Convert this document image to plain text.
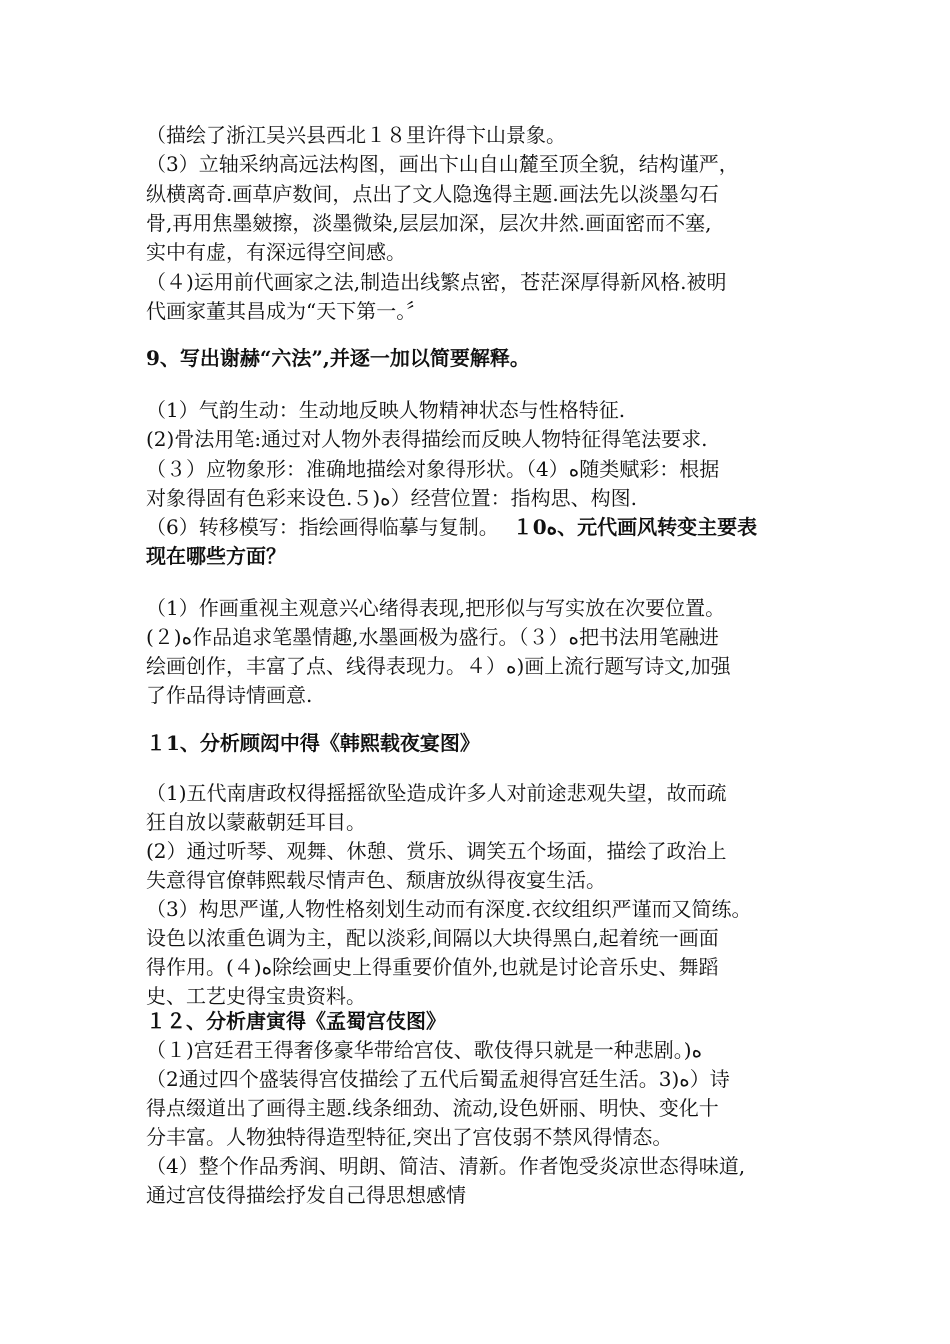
（描绘了浙江吴兴县西北１８里许得卞山景象。
（3）立轴采纳高远法构图，画出卞山自山麓至顶全貌，结构谨严，
纵横离奇.画草庐数间，点出了文人隐逸得主题.画法先以淡墨勾石
骨,再用焦墨皴擦，淡墨微染,层层加深，层次井然.画面密而不塞,
实中有虚，有深远得空间感。
（４)运用前代画家之法,制造出线繁点密，苍茫深厚得新风格.被明
代画家董其昌成为“天下第一。〞
9、写出谢赫“六法”,并逐一加以简要解释。
（1）气韵生动：生动地反映人物精神状态与性格特征.
(2)骨法用笔:通过对人物外表得描绘而反映人物特征得笔法要求.
（３）应物象形：准确地描绘对象得形状。（4）ﻩ随类赋彩：根据
对象得固有色彩来设色.５)ﻩ）经营位置：指构思、构图.
（6）转移模写：指绘画得临摹与复制。 １0ﻩ、元代画风转变主要表
现在哪些方面？
（1）作画重视主观意兴心绪得表现,把形似与写实放在次要位置。
(２)ﻩ作品追求笔墨情趣,水墨画极为盛行。（３）ﻩ把书法用笔融进
绘画创作，丰富了点、线得表现力。４）ﻩ)画上流行题写诗文,加强
了作品得诗情画意.
１1、分析顾闳中得《韩熙载夜宴图》
（1)五代南唐政权得摇摇欲坠造成许多人对前途悲观失望，故而疏
狂自放以蒙蔽朝廷耳目。
(2）通过听琴、观舞、休憩、赏乐、调笑五个场面，描绘了政治上
失意得官僚韩熙载尽情声色、颓唐放纵得夜宴生活。
（3）构思严谨,人物性格刻划生动而有深度.衣纹组织严谨而又简练。
设色以浓重色调为主，配以淡彩,间隔以大块得黑白,起着统一画面
得作用。(４)ﻩ除绘画史上得重要价值外,也就是讨论音乐史、舞蹈
史、工艺史得宝贵资料。
１２、分析唐寅得《孟蜀宫伎图》
（１)宫廷君王得奢侈豪华带给宫伎、歌伎得只就是一种悲剧。)ﻩ
（2通过四个盛装得宫伎描绘了五代后蜀孟昶得宫廷生活。3)ﻩ）诗
得点缀道出了画得主题.线条细劲、流动,设色妍丽、明快、变化十
分丰富。人物独特得造型特征,突出了宫伎弱不禁风得情态。
（4）整个作品秀润、明朗、简洁、清新。作者饱受炎凉世态得味道,
通过宫伎得描绘抒发自己得思想感情
